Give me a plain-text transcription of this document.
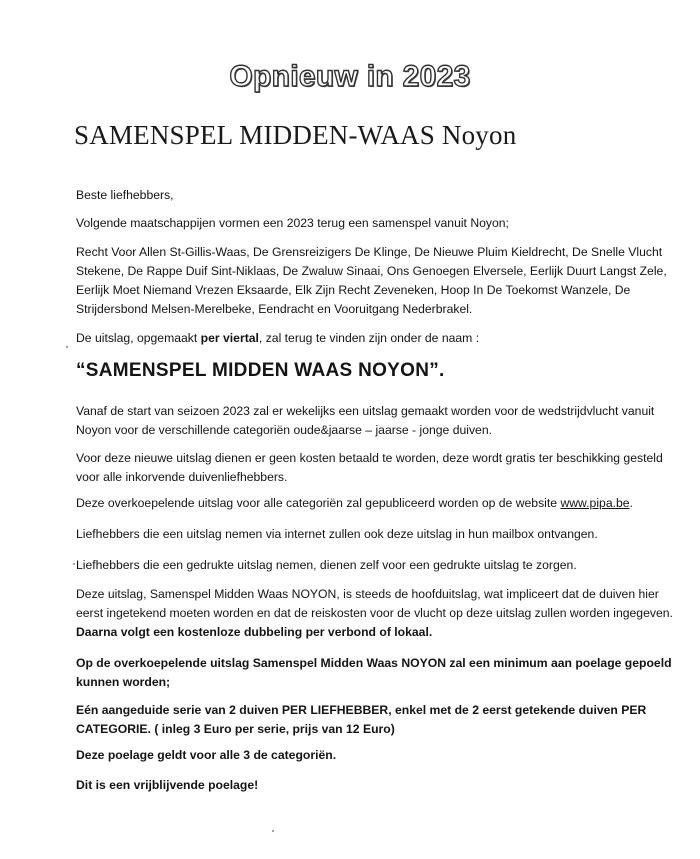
Opnieuw in 2023
SAMENSPEL MIDDEN-WAAS Noyon
Beste liefhebbers,
Volgende maatschappijen vormen een 2023 terug een samenspel vanuit Noyon;
Recht Voor Allen St-Gillis-Waas, De Grensreizigers De Klinge, De Nieuwe Pluim Kieldrecht, De Snelle Vlucht Stekene, De Rappe Duif Sint-Niklaas, De Zwaluw Sinaai, Ons Genoegen Elversele, Eerlijk Duurt Langst Zele, Eerlijk Moet Niemand Vrezen Eksaarde, Elk Zijn Recht Zeveneken, Hoop In De Toekomst Wanzele, De Strijdersbond Melsen-Merelbeke, Eendracht en Vooruitgang Nederbrakel.
De uitslag, opgemaakt per viertal, zal terug te vinden zijn onder de naam :
“SAMENSPEL MIDDEN WAAS NOYON”.
Vanaf de start van seizoen 2023 zal er wekelijks een uitslag gemaakt worden voor de wedstrijdvlucht vanuit Noyon voor de verschillende categoriën oude&jaarse – jaarse - jonge duiven.
Voor deze nieuwe uitslag dienen er geen kosten betaald te worden, deze wordt gratis ter beschikking gesteld voor alle inkorvende duivenliefhebbers.
Deze overkoepelende uitslag voor alle categoriën zal gepubliceerd worden op de website www.pipa.be.
Liefhebbers die een uitslag nemen via internet zullen ook deze uitslag in hun mailbox ontvangen.
Liefhebbers die een gedrukte uitslag nemen, dienen zelf voor een gedrukte uitslag te zorgen.
Deze uitslag, Samenspel Midden Waas NOYON, is steeds de hoofduitslag, wat impliceert dat de duiven hier eerst ingetekend moeten worden en dat de reiskosten voor de vlucht op deze uitslag zullen worden ingegeven. Daarna volgt een kostenloze dubbeling per verbond of lokaal.
Op de overkoepelende uitslag Samenspel Midden Waas NOYON zal een minimum aan poelage gepoeld kunnen worden;
Eén aangeduide serie van 2 duiven PER LIEFHEBBER, enkel met de 2 eerst getekende duiven PER CATEGORIE. ( inleg 3 Euro per serie, prijs van 12 Euro)
Deze poelage geldt voor alle 3 de categoriën.
Dit is een vrijblijvende poelage!
